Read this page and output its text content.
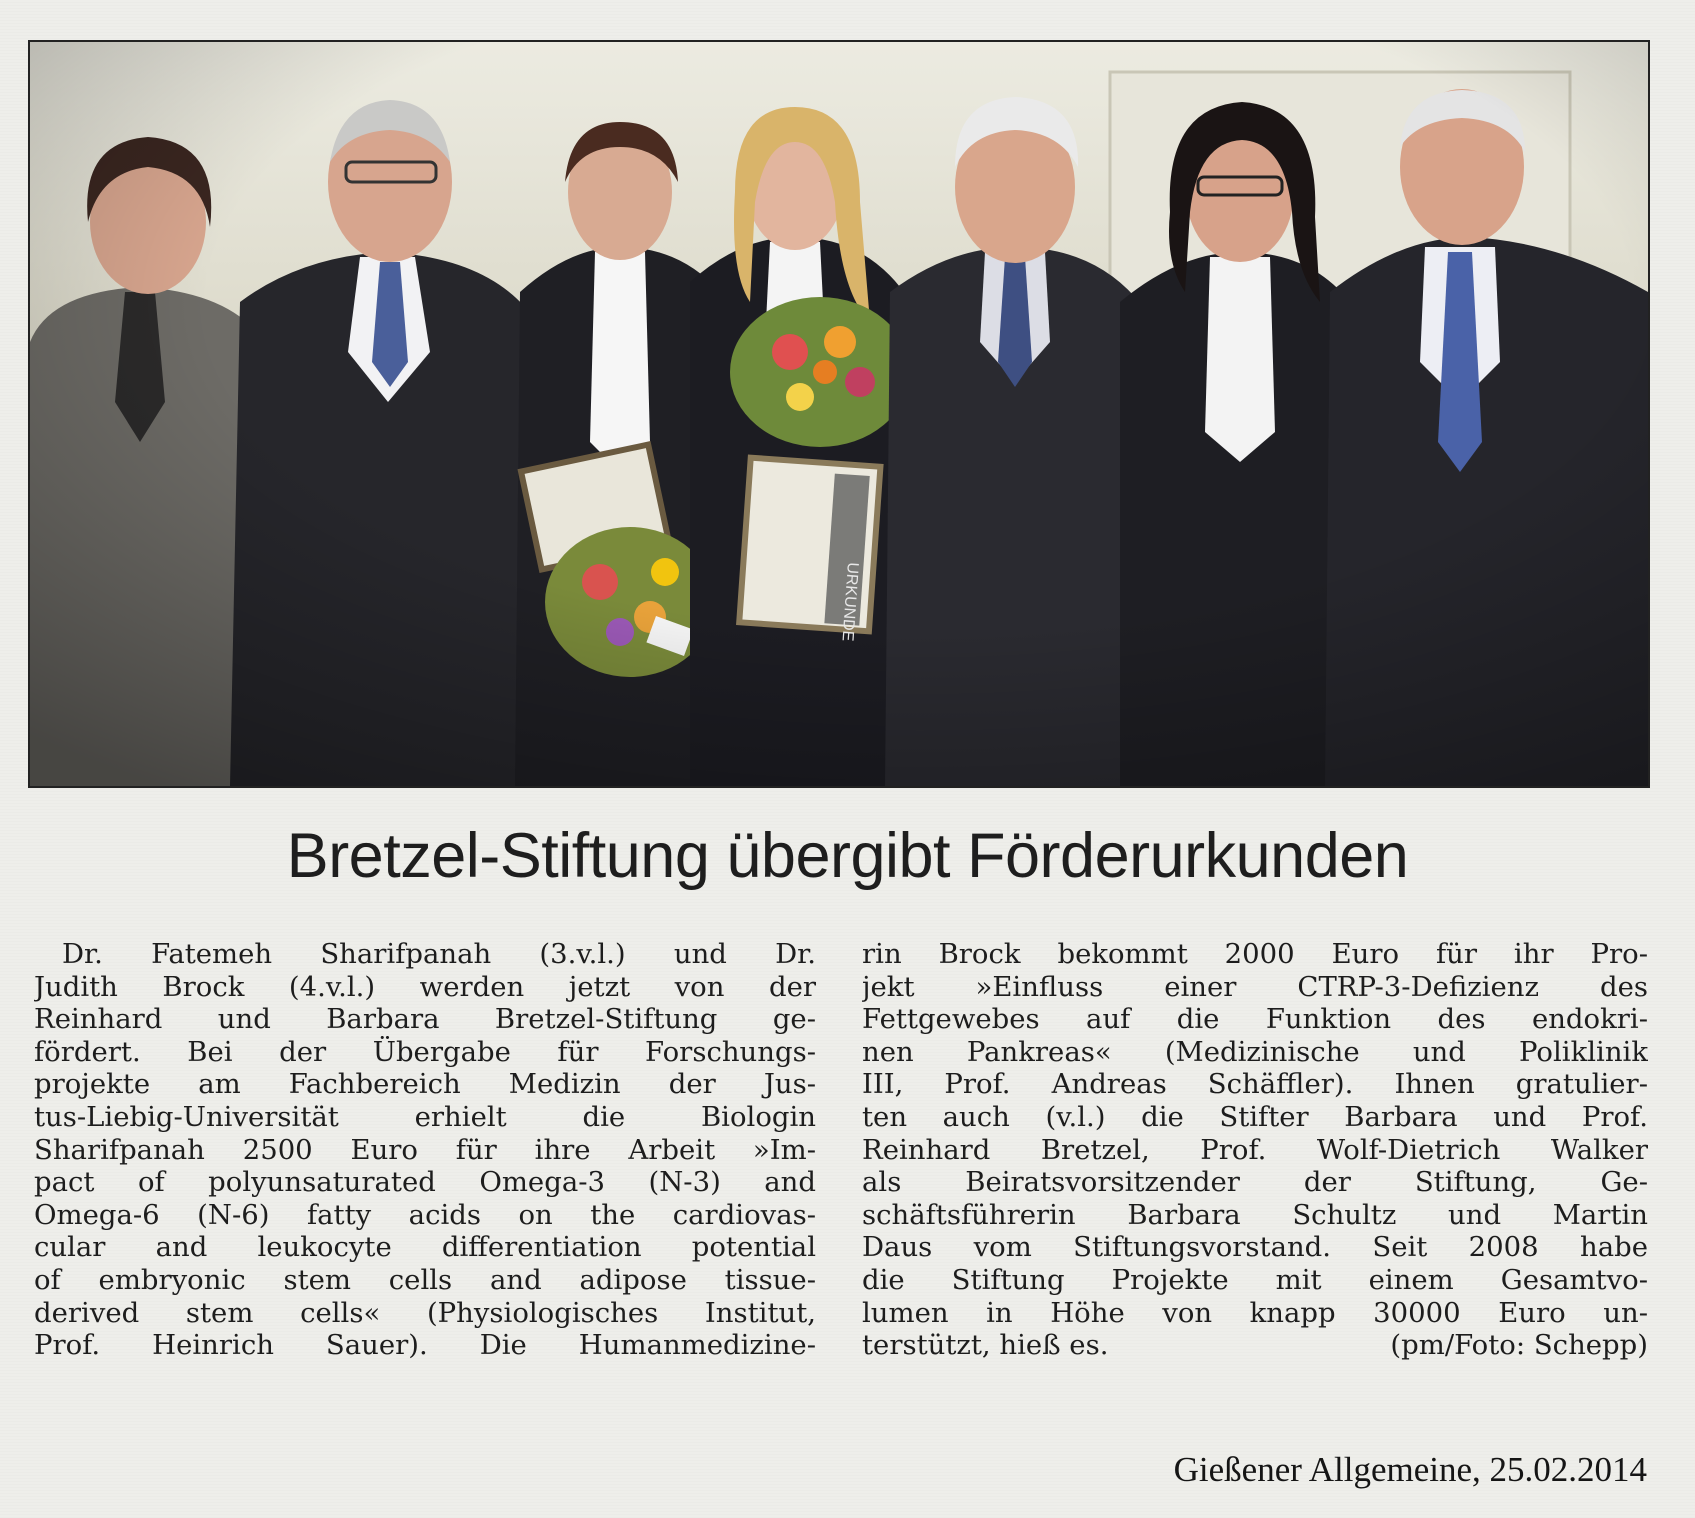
Bretzel-Stiftung übergibt Förderurkunden
Dr. Fatemeh Sharifpanah (3.v.l.) und Dr.
Judith Brock (4.v.l.) werden jetzt von der
Reinhard und Barbara Bretzel-Stiftung ge-
fördert. Bei der Übergabe für Forschungs-
projekte am Fachbereich Medizin der Jus-
tus-Liebig-Universität erhielt die Biologin
Sharifpanah 2500 Euro für ihre Arbeit »Im-
pact of polyunsaturated Omega-3 (N-3) and
Omega-6 (N-6) fatty acids on the cardiovas-
cular and leukocyte differentiation potential
of embryonic stem cells and adipose tissue-
derived stem cells« (Physiologisches Institut,
Prof. Heinrich Sauer). Die Humanmedizine-
rin Brock bekommt 2000 Euro für ihr Pro-
jekt »Einfluss einer CTRP-3-Defizienz des
Fettgewebes auf die Funktion des endokri-
nen Pankreas« (Medizinische und Poliklinik
III, Prof. Andreas Schäffler). Ihnen gratulier-
ten auch (v.l.) die Stifter Barbara und Prof.
Reinhard Bretzel, Prof. Wolf-Dietrich Walker
als Beiratsvorsitzender der Stiftung, Ge-
schäftsführerin Barbara Schultz und Martin
Daus vom Stiftungsvorstand. Seit 2008 habe
die Stiftung Projekte mit einem Gesamtvo-
lumen in Höhe von knapp 30000 Euro un-
terstützt, hieß es.	(pm/Foto: Schepp)
Gießener Allgemeine, 25.02.2014
